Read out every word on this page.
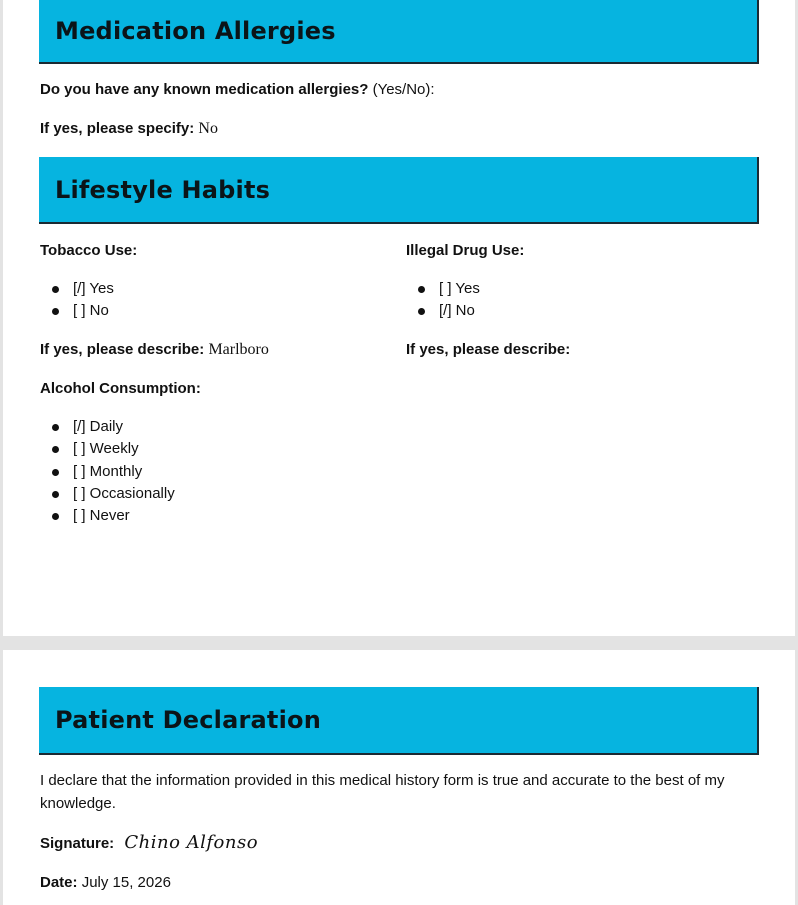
Medication Allergies
Do you have any known medication allergies? (Yes/No):
If yes, please specify: No
Lifestyle Habits
Tobacco Use:
[/] Yes
[ ] No
If yes, please describe: Marlboro
Illegal Drug Use:
[ ] Yes
[/] No
If yes, please describe:
Alcohol Consumption:
[/] Daily
[ ] Weekly
[ ] Monthly
[ ] Occasionally
[ ] Never
Patient Declaration
I declare that the information provided in this medical history form is true and accurate to the best of my knowledge.
Signature: Chino Alfonso
Date: July 15, 2026
